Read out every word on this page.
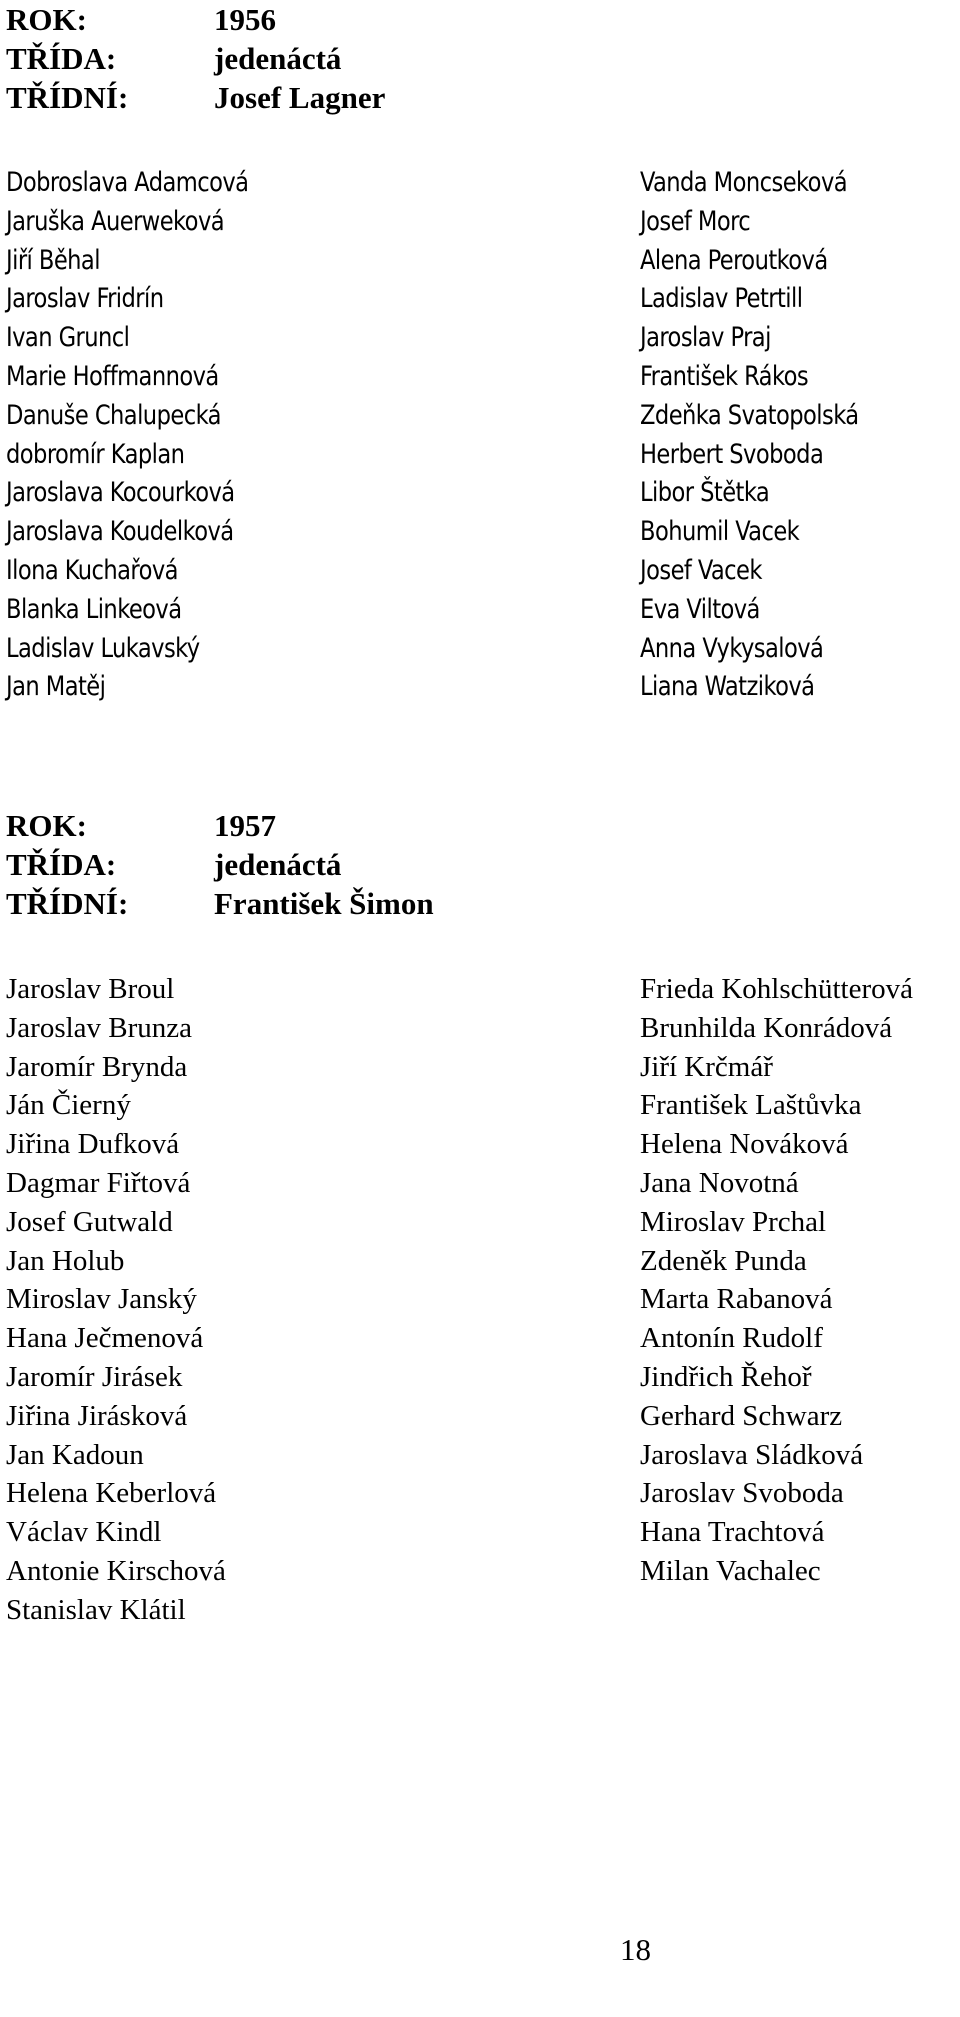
ROK:	1956
TŘÍDA:	jedenáctá
TŘÍDNÍ:	Josef Lagner
Dobroslava Adamcová
Jaruška Auerweková
Jiří Běhal
Jaroslav Fridrín
Ivan Gruncl
Marie Hoffmannová
Danuše Chalupecká
dobromír Kaplan
Jaroslava Kocourková
Jaroslava Koudelková
Ilona Kuchařová
Blanka Linkeová
Ladislav Lukavský
Jan Matěj
Vanda Moncseková
Josef Morc
Alena Peroutková
Ladislav Petrtill
Jaroslav Praj
František Rákos
Zdeňka Svatopolská
Herbert Svoboda
Libor Štětka
Bohumil Vacek
Josef Vacek
Eva Viltová
Anna Vykysalová
Liana Watziková
ROK:	1957
TŘÍDA:	jedenáctá
TŘÍDNÍ:	František Šimon
Jaroslav Broul
Jaroslav Brunza
Jaromír Brynda
Ján Čierný
Jiřina Dufková
Dagmar Fiřtová
Josef Gutwald
Jan Holub
Miroslav Janský
Hana Ječmenová
Jaromír Jirásek
Jiřina Jirásková
Jan Kadoun
Helena Keberlová
Václav Kindl
Antonie Kirschová
Stanislav Klátil
Frieda Kohlschütterová
Brunhilda Konrádová
Jiří Krčmář
František Laštůvka
Helena Nováková
Jana Novotná
Miroslav Prchal
Zdeněk Punda
Marta Rabanová
Antonín Rudolf
Jindřich Řehoř
Gerhard Schwarz
Jaroslava Sládková
Jaroslav Svoboda
Hana Trachtová
Milan Vachalec
18
